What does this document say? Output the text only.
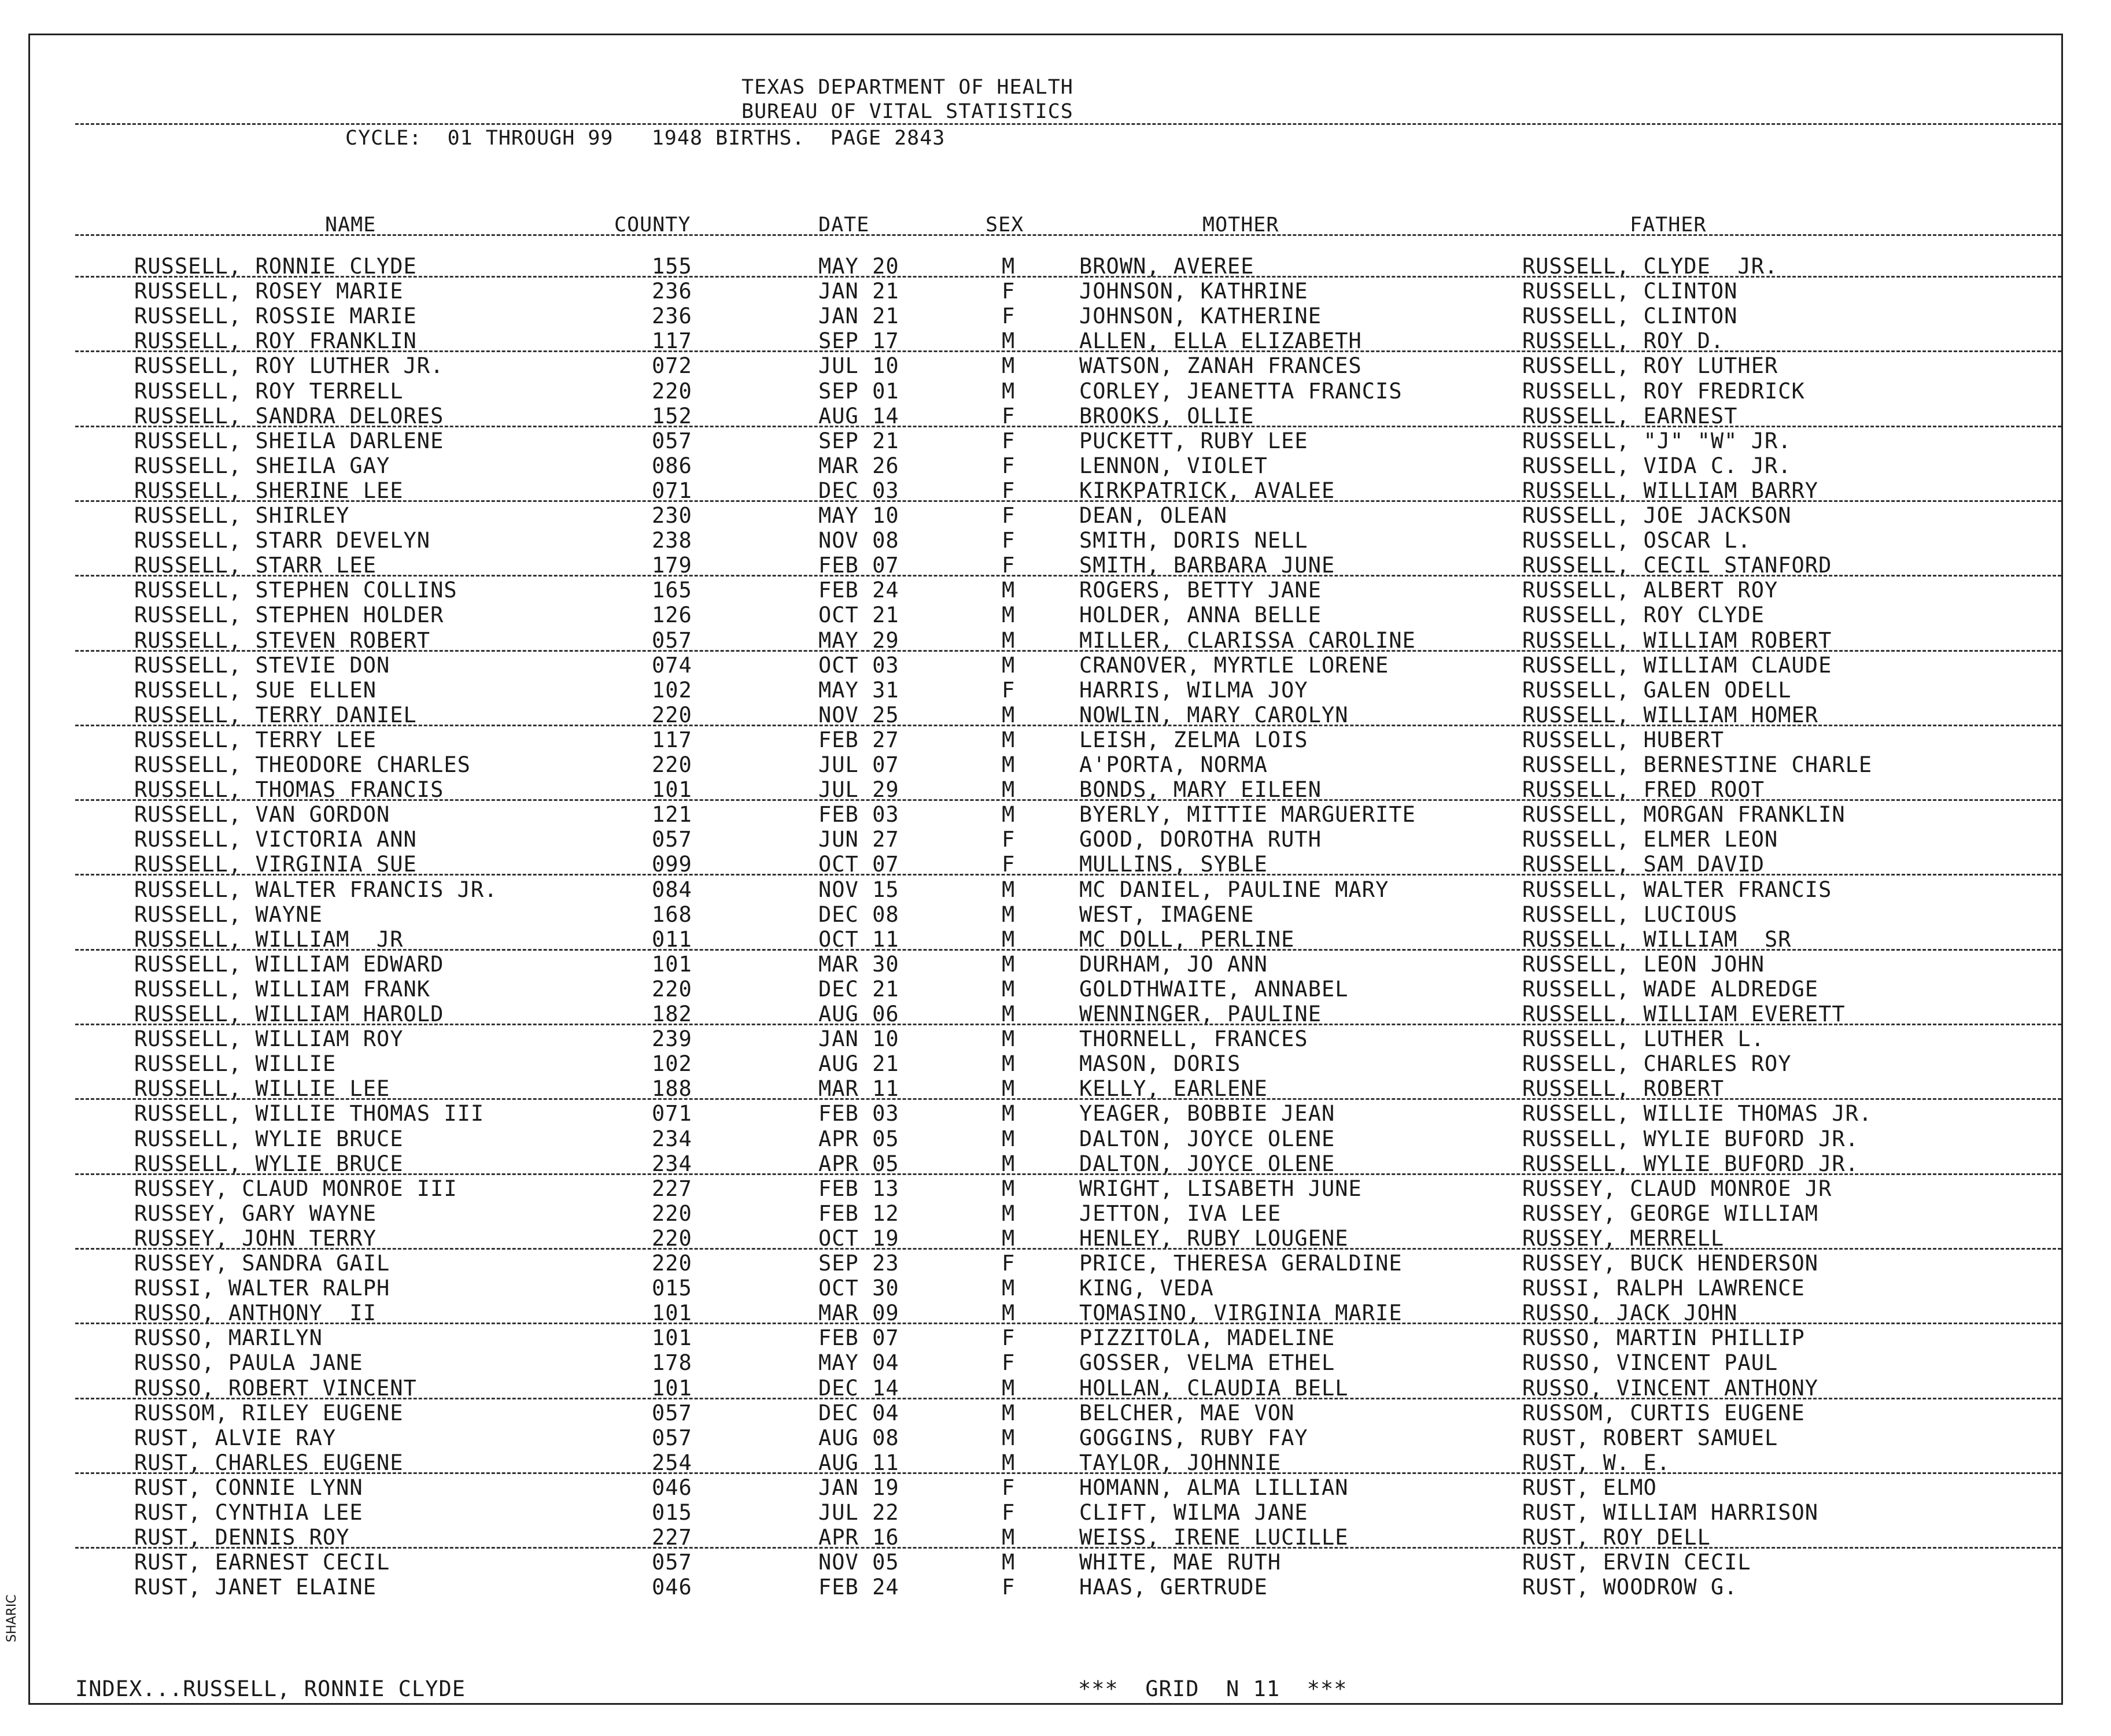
TEXAS DEPARTMENT OF HEALTH
BUREAU OF VITAL STATISTICS
CYCLE:  01 THROUGH 99   1948 BIRTHS.  PAGE 2843
NAME	COUNTY	DATE	SEX	MOTHER	FATHER
RUSSELL, RONNIE CLYDE	155	MAY 20	M	BROWN, AVEREE	RUSSELL, CLYDE  JR.
RUSSELL, ROSEY MARIE	236	JAN 21	F	JOHNSON, KATHRINE	RUSSELL, CLINTON
RUSSELL, ROSSIE MARIE	236	JAN 21	F	JOHNSON, KATHERINE	RUSSELL, CLINTON
RUSSELL, ROY FRANKLIN	117	SEP 17	M	ALLEN, ELLA ELIZABETH	RUSSELL, ROY D.
RUSSELL, ROY LUTHER JR.	072	JUL 10	M	WATSON, ZANAH FRANCES	RUSSELL, ROY LUTHER
RUSSELL, ROY TERRELL	220	SEP 01	M	CORLEY, JEANETTA FRANCIS	RUSSELL, ROY FREDRICK
RUSSELL, SANDRA DELORES	152	AUG 14	F	BROOKS, OLLIE	RUSSELL, EARNEST
RUSSELL, SHEILA DARLENE	057	SEP 21	F	PUCKETT, RUBY LEE	RUSSELL, "J" "W" JR.
RUSSELL, SHEILA GAY	086	MAR 26	F	LENNON, VIOLET	RUSSELL, VIDA C. JR.
RUSSELL, SHERINE LEE	071	DEC 03	F	KIRKPATRICK, AVALEE	RUSSELL, WILLIAM BARRY
RUSSELL, SHIRLEY	230	MAY 10	F	DEAN, OLEAN	RUSSELL, JOE JACKSON
RUSSELL, STARR DEVELYN	238	NOV 08	F	SMITH, DORIS NELL	RUSSELL, OSCAR L.
RUSSELL, STARR LEE	179	FEB 07	F	SMITH, BARBARA JUNE	RUSSELL, CECIL STANFORD
RUSSELL, STEPHEN COLLINS	165	FEB 24	M	ROGERS, BETTY JANE	RUSSELL, ALBERT ROY
RUSSELL, STEPHEN HOLDER	126	OCT 21	M	HOLDER, ANNA BELLE	RUSSELL, ROY CLYDE
RUSSELL, STEVEN ROBERT	057	MAY 29	M	MILLER, CLARISSA CAROLINE	RUSSELL, WILLIAM ROBERT
RUSSELL, STEVIE DON	074	OCT 03	M	CRANOVER, MYRTLE LORENE	RUSSELL, WILLIAM CLAUDE
RUSSELL, SUE ELLEN	102	MAY 31	F	HARRIS, WILMA JOY	RUSSELL, GALEN ODELL
RUSSELL, TERRY DANIEL	220	NOV 25	M	NOWLIN, MARY CAROLYN	RUSSELL, WILLIAM HOMER
RUSSELL, TERRY LEE	117	FEB 27	M	LEISH, ZELMA LOIS	RUSSELL, HUBERT
RUSSELL, THEODORE CHARLES	220	JUL 07	M	A'PORTA, NORMA	RUSSELL, BERNESTINE CHARLE
RUSSELL, THOMAS FRANCIS	101	JUL 29	M	BONDS, MARY EILEEN	RUSSELL, FRED ROOT
RUSSELL, VAN GORDON	121	FEB 03	M	BYERLY, MITTIE MARGUERITE	RUSSELL, MORGAN FRANKLIN
RUSSELL, VICTORIA ANN	057	JUN 27	F	GOOD, DOROTHA RUTH	RUSSELL, ELMER LEON
RUSSELL, VIRGINIA SUE	099	OCT 07	F	MULLINS, SYBLE	RUSSELL, SAM DAVID
RUSSELL, WALTER FRANCIS JR.	084	NOV 15	M	MC DANIEL, PAULINE MARY	RUSSELL, WALTER FRANCIS
RUSSELL, WAYNE	168	DEC 08	M	WEST, IMAGENE	RUSSELL, LUCIOUS
RUSSELL, WILLIAM  JR	011	OCT 11	M	MC DOLL, PERLINE	RUSSELL, WILLIAM  SR
RUSSELL, WILLIAM EDWARD	101	MAR 30	M	DURHAM, JO ANN	RUSSELL, LEON JOHN
RUSSELL, WILLIAM FRANK	220	DEC 21	M	GOLDTHWAITE, ANNABEL	RUSSELL, WADE ALDREDGE
RUSSELL, WILLIAM HAROLD	182	AUG 06	M	WENNINGER, PAULINE	RUSSELL, WILLIAM EVERETT
RUSSELL, WILLIAM ROY	239	JAN 10	M	THORNELL, FRANCES	RUSSELL, LUTHER L.
RUSSELL, WILLIE	102	AUG 21	M	MASON, DORIS	RUSSELL, CHARLES ROY
RUSSELL, WILLIE LEE	188	MAR 11	M	KELLY, EARLENE	RUSSELL, ROBERT
RUSSELL, WILLIE THOMAS III	071	FEB 03	M	YEAGER, BOBBIE JEAN	RUSSELL, WILLIE THOMAS JR.
RUSSELL, WYLIE BRUCE	234	APR 05	M	DALTON, JOYCE OLENE	RUSSELL, WYLIE BUFORD JR.
RUSSELL, WYLIE BRUCE	234	APR 05	M	DALTON, JOYCE OLENE	RUSSELL, WYLIE BUFORD JR.
RUSSEY, CLAUD MONROE III	227	FEB 13	M	WRIGHT, LISABETH JUNE	RUSSEY, CLAUD MONROE JR
RUSSEY, GARY WAYNE	220	FEB 12	M	JETTON, IVA LEE	RUSSEY, GEORGE WILLIAM
RUSSEY, JOHN TERRY	220	OCT 19	M	HENLEY, RUBY LOUGENE	RUSSEY, MERRELL
RUSSEY, SANDRA GAIL	220	SEP 23	F	PRICE, THERESA GERALDINE	RUSSEY, BUCK HENDERSON
RUSSI, WALTER RALPH	015	OCT 30	M	KING, VEDA	RUSSI, RALPH LAWRENCE
RUSSO, ANTHONY  II	101	MAR 09	M	TOMASINO, VIRGINIA MARIE	RUSSO, JACK JOHN
RUSSO, MARILYN	101	FEB 07	F	PIZZITOLA, MADELINE	RUSSO, MARTIN PHILLIP
RUSSO, PAULA JANE	178	MAY 04	F	GOSSER, VELMA ETHEL	RUSSO, VINCENT PAUL
RUSSO, ROBERT VINCENT	101	DEC 14	M	HOLLAN, CLAUDIA BELL	RUSSO, VINCENT ANTHONY
RUSSOM, RILEY EUGENE	057	DEC 04	M	BELCHER, MAE VON	RUSSOM, CURTIS EUGENE
RUST, ALVIE RAY	057	AUG 08	M	GOGGINS, RUBY FAY	RUST, ROBERT SAMUEL
RUST, CHARLES EUGENE	254	AUG 11	M	TAYLOR, JOHNNIE	RUST, W. E.
RUST, CONNIE LYNN	046	JAN 19	F	HOMANN, ALMA LILLIAN	RUST, ELMO
RUST, CYNTHIA LEE	015	JUL 22	F	CLIFT, WILMA JANE	RUST, WILLIAM HARRISON
RUST, DENNIS ROY	227	APR 16	M	WEISS, IRENE LUCILLE	RUST, ROY DELL
RUST, EARNEST CECIL	057	NOV 05	M	WHITE, MAE RUTH	RUST, ERVIN CECIL
RUST, JANET ELAINE	046	FEB 24	F	HAAS, GERTRUDE	RUST, WOODROW G.
INDEX...RUSSELL, RONNIE CLYDE	***  GRID  N 11  ***
SHARIC
